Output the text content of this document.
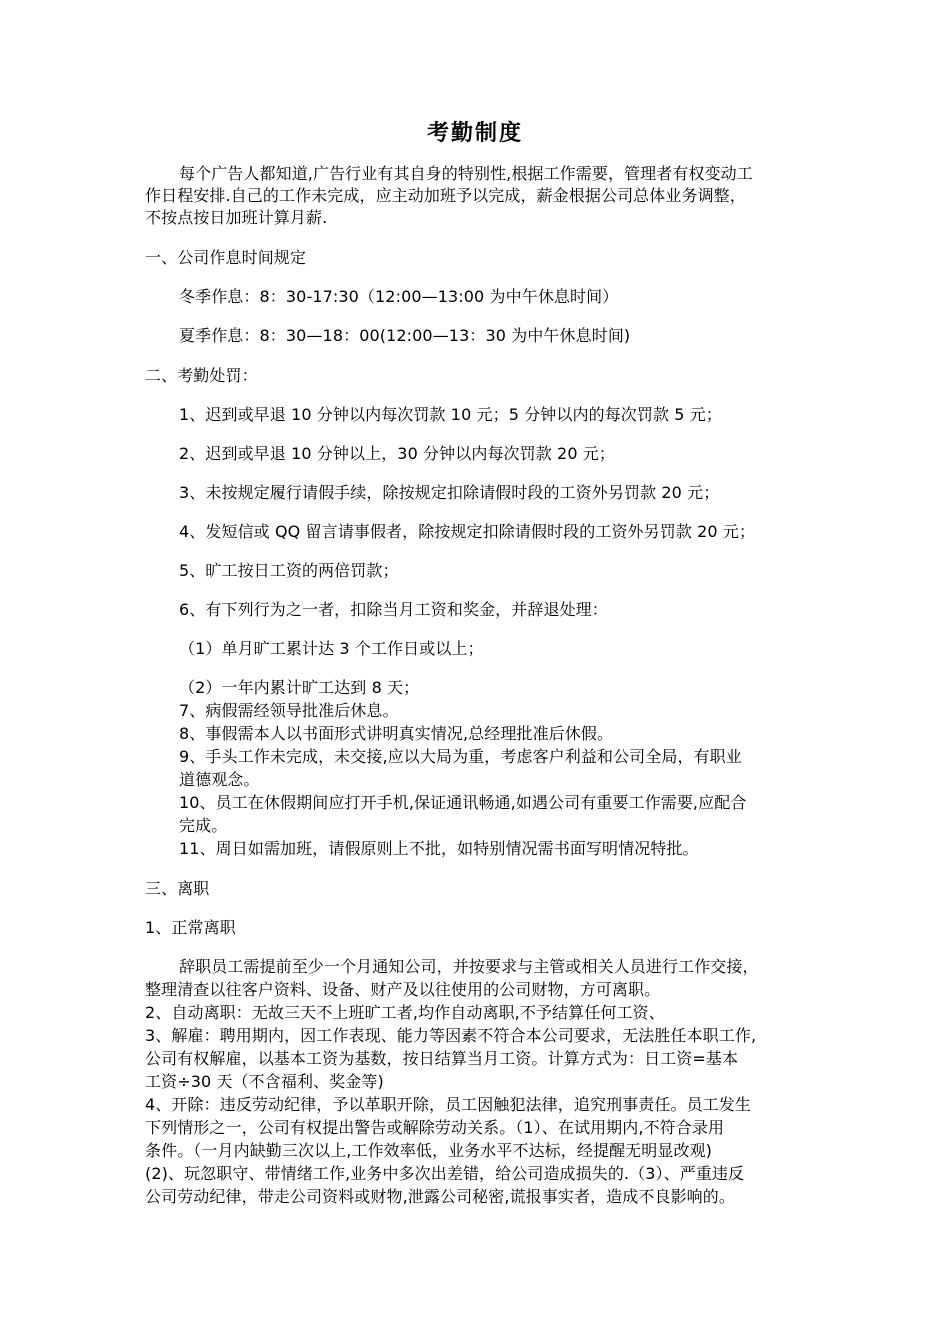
考勤制度

每个广告人都知道,广告行业有其自身的特别性,根据工作需要，管理者有权变动工

作日程安排.自己的工作未完成，应主动加班予以完成，薪金根据公司总体业务调整，

不按点按日加班计算月薪.

一、公司作息时间规定

冬季作息：8：30-17:30（12:00—13:00 为中午休息时间）

夏季作息：8：30—18：00(12:00—13：30 为中午休息时间)

二、考勤处罚：

1、迟到或早退 10 分钟以内每次罚款 10 元；5 分钟以内的每次罚款 5 元；

2、迟到或早退 10 分钟以上，30 分钟以内每次罚款 20 元；

3、未按规定履行请假手续，除按规定扣除请假时段的工资外另罚款 20 元；

4、发短信或 QQ 留言请事假者，除按规定扣除请假时段的工资外另罚款 20 元；

5、旷工按日工资的两倍罚款；

6、有下列行为之一者，扣除当月工资和奖金，并辞退处理：

（1）单月旷工累计达 3 个工作日或以上；

（2）一年内累计旷工达到 8 天；

7、病假需经领导批准后休息。

8、事假需本人以书面形式讲明真实情况,总经理批准后休假。

9、手头工作未完成，未交接,应以大局为重，考虑客户利益和公司全局，有职业

道德观念。

10、员工在休假期间应打开手机,保证通讯畅通,如遇公司有重要工作需要,应配合

完成。

11、周日如需加班，请假原则上不批，如特别情况需书面写明情况特批。

三、离职

1、正常离职

辞职员工需提前至少一个月通知公司，并按要求与主管或相关人员进行工作交接，

整理清查以往客户资料、设备、财产及以往使用的公司财物，方可离职。

2、自动离职：无故三天不上班旷工者,均作自动离职,不予结算任何工资、

3、解雇：聘用期内，因工作表现、能力等因素不符合本公司要求，无法胜任本职工作,

公司有权解雇，以基本工资为基数，按日结算当月工资。计算方式为：日工资=基本

工资÷30 天（不含福利、奖金等)

4、开除：违反劳动纪律，予以革职开除，员工因触犯法律，追究刑事责任。员工发生

下列情形之一，公司有权提出警告或解除劳动关系。（1）、在试用期内,不符合录用

条件。（一月内缺勤三次以上,工作效率低，业务水平不达标，经提醒无明显改观)

(2)、玩忽职守、带情绪工作,业务中多次出差错，给公司造成损失的.（3）、严重违反

公司劳动纪律，带走公司资料或财物,泄露公司秘密,谎报事实者，造成不良影响的。
